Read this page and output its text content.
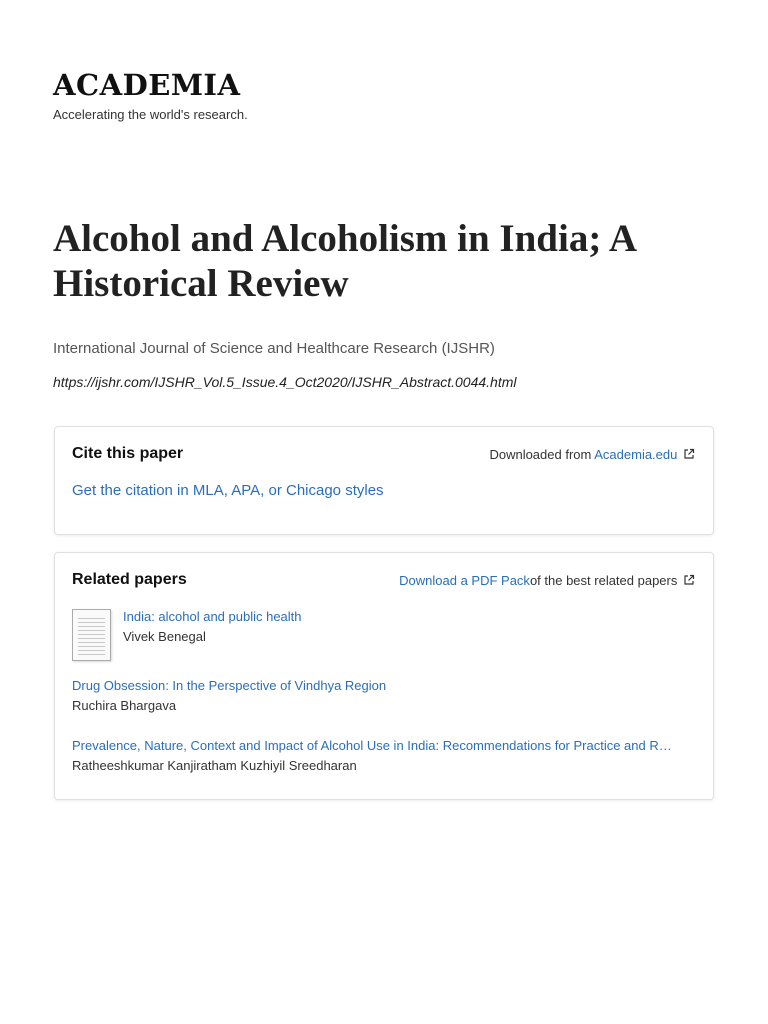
ACADEMIA
Accelerating the world's research.
Alcohol and Alcoholism in India; A Historical Review
International Journal of Science and Healthcare Research (IJSHR)
https://ijshr.com/IJSHR_Vol.5_Issue.4_Oct2020/IJSHR_Abstract.0044.html
Cite this paper	Downloaded from Academia.edu
Get the citation in MLA, APA, or Chicago styles
Related papers	Download a PDF Packof the best related papers
India: alcohol and public health
Vivek Benegal
Drug Obsession: In the Perspective of Vindhya Region
Ruchira Bhargava
Prevalence, Nature, Context and Impact of Alcohol Use in India: Recommendations for Practice and R…
Ratheeshkumar Kanjiratham Kuzhiyil Sreedharan
